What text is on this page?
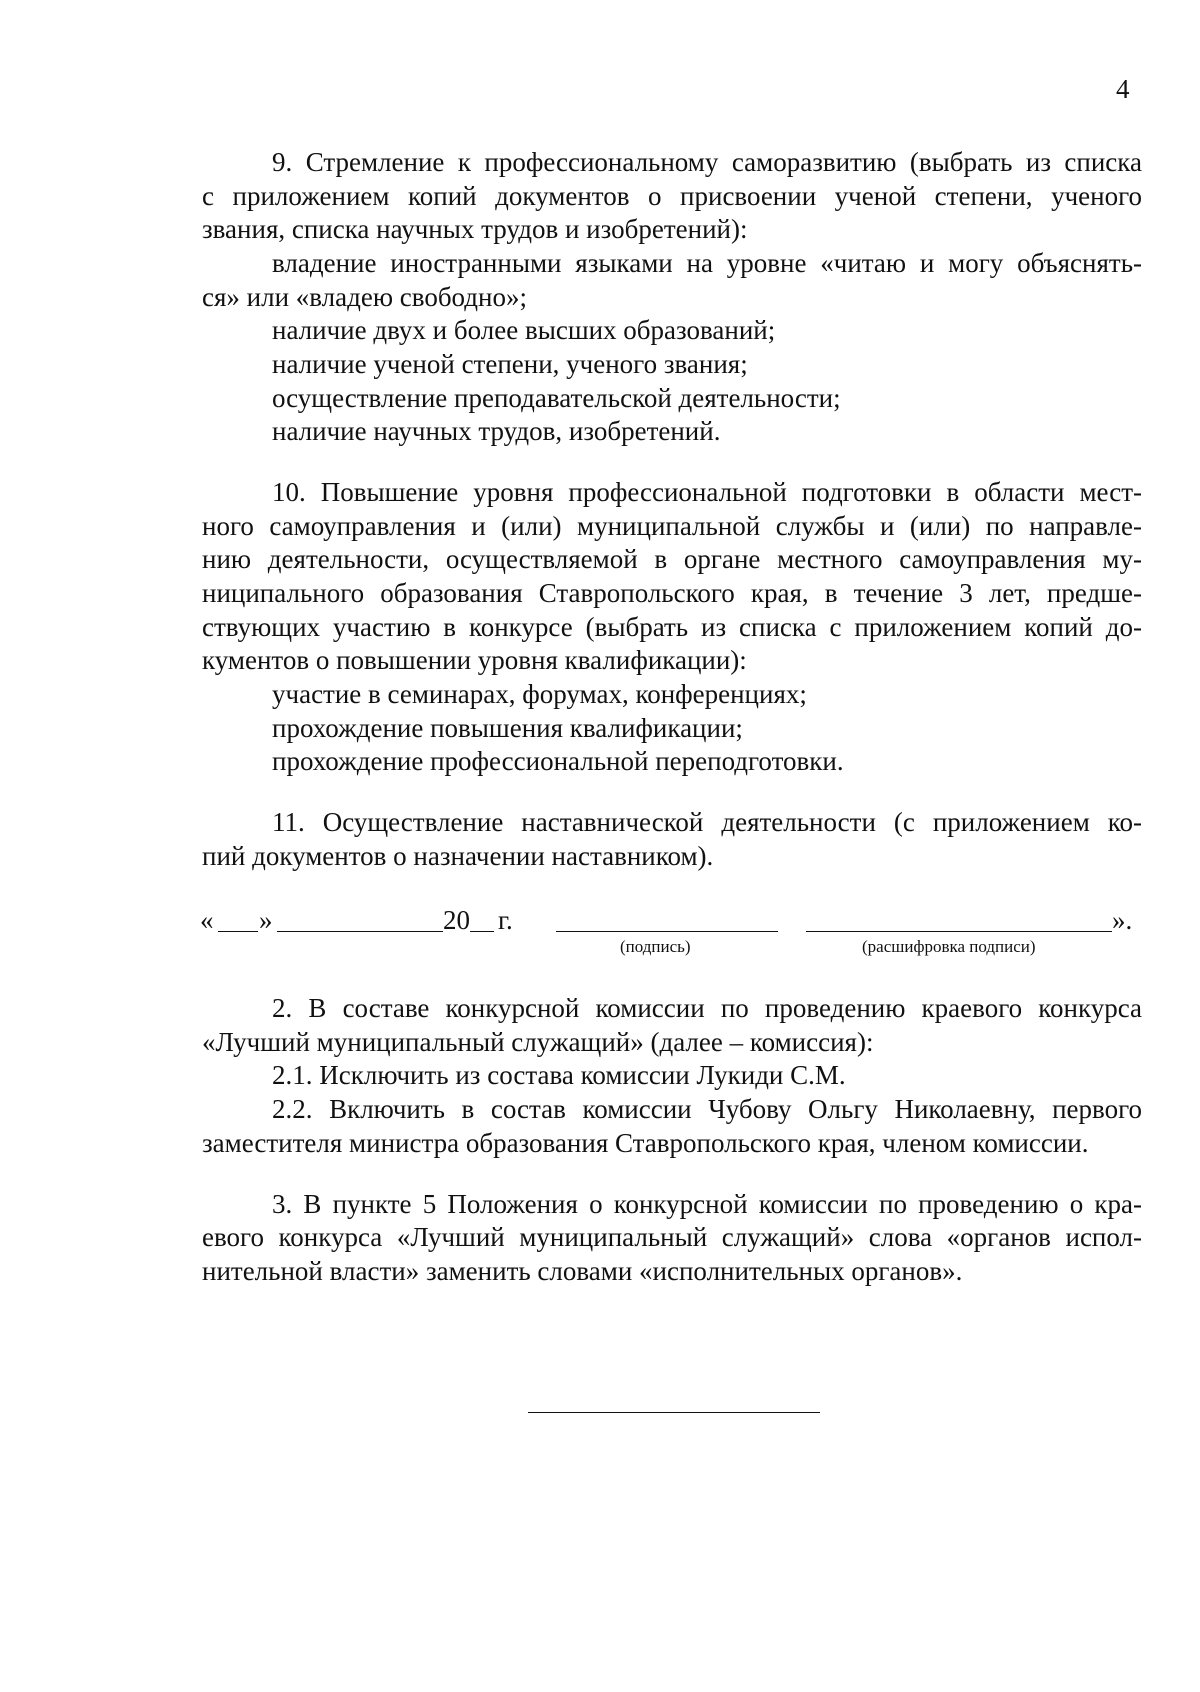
4
9. Стремление к профессиональному саморазвитию (выбрать из списка
с приложением копий документов о присвоении ученой степени, ученого
звания, списка научных трудов и изобретений):
владение иностранными языками на уровне «читаю и могу объяснять-
ся» или «владею свободно»;
наличие двух и более высших образований;
наличие ученой степени, ученого звания;
осуществление преподавательской деятельности;
наличие научных трудов, изобретений.
10. Повышение уровня профессиональной подготовки в области мест-
ного самоуправления и (или) муниципальной службы и (или) по направле-
нию деятельности, осуществляемой в органе местного самоуправления му-
ниципального образования Ставропольского края, в течение 3 лет, предше-
ствующих участию в конкурсе (выбрать из списка с приложением копий до-
кументов о повышении уровня квалификации):
участие в семинарах, форумах, конференциях;
прохождение повышения квалификации;
прохождение профессиональной переподготовки.
11. Осуществление наставнической деятельности (с приложением ко-
пий документов о назначении наставником).
« »	20 г.	».
(подпись)	(расшифровка подписи)
2. В составе конкурсной комиссии по проведению краевого конкурса
«Лучший муниципальный служащий» (далее – комиссия):
2.1. Исключить из состава комиссии Лукиди С.М.
2.2. Включить в состав комиссии Чубову Ольгу Николаевну, первого
заместителя министра образования Ставропольского края, членом комиссии.
3. В пункте 5 Положения о конкурсной комиссии по проведению о кра-
евого конкурса «Лучший муниципальный служащий» слова «органов испол-
нительной власти» заменить словами «исполнительных органов».
